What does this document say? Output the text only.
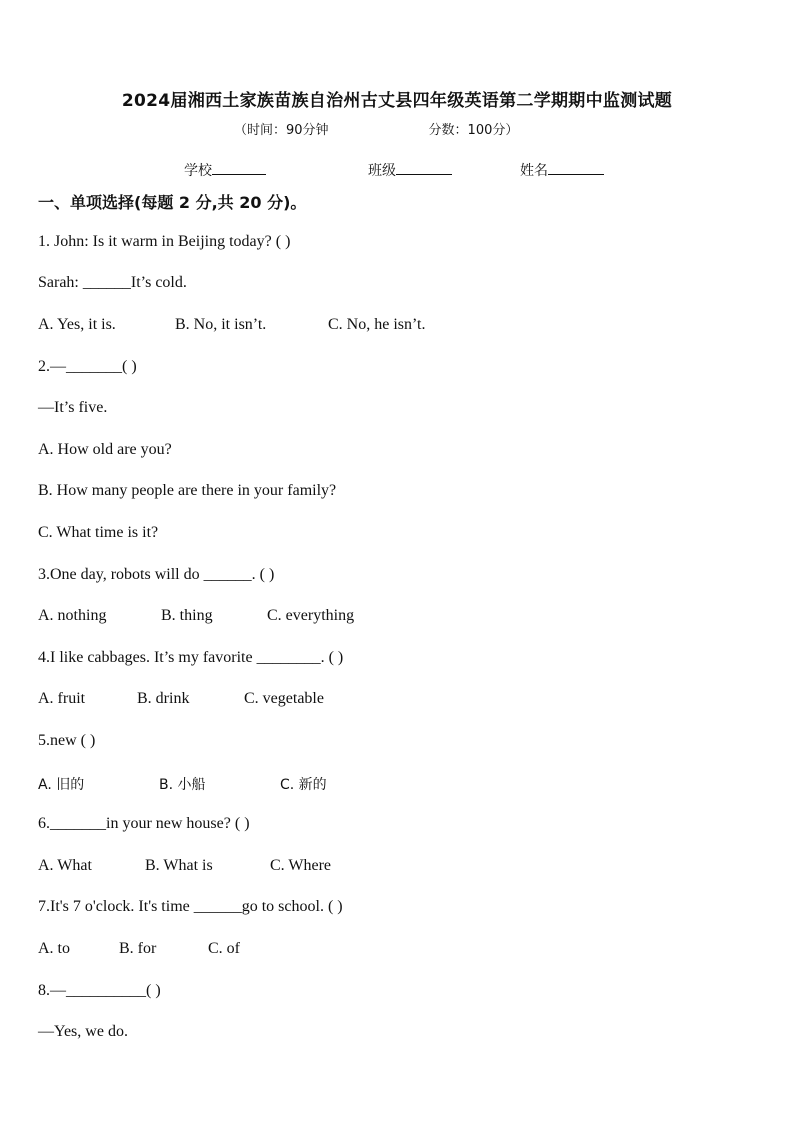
2024届湘西土家族苗族自治州古丈县四年级英语第二学期期中监测试题
（时间：90分钟	分数：100分）
学校	班级	姓名
一、单项选择(每题 2 分,共 20 分)。
1. John: Is it warm in Beijing today? ( )
Sarah: ______It’s cold.
A. Yes, it is.	B. No, it isn’t.	C. No, he isn’t.
2.—_______( )
—It’s five.
A. How old are you?
B. How many people are there in your family?
C. What time is it?
3.One day, robots will do ______. ( )
A. nothing	B. thing	C. everything
4.I like cabbages. It’s my favorite ________. ( )
A. fruit	B. drink	C. vegetable
5.new ( )
A. 旧的	B. 小船	C. 新的
6._______in your new house? ( )
A. What	B. What is	C. Where
7.It's 7 o'clock. It's time ______go to school. ( )
A. to	B. for	C. of
8.—__________( )
—Yes, we do.
